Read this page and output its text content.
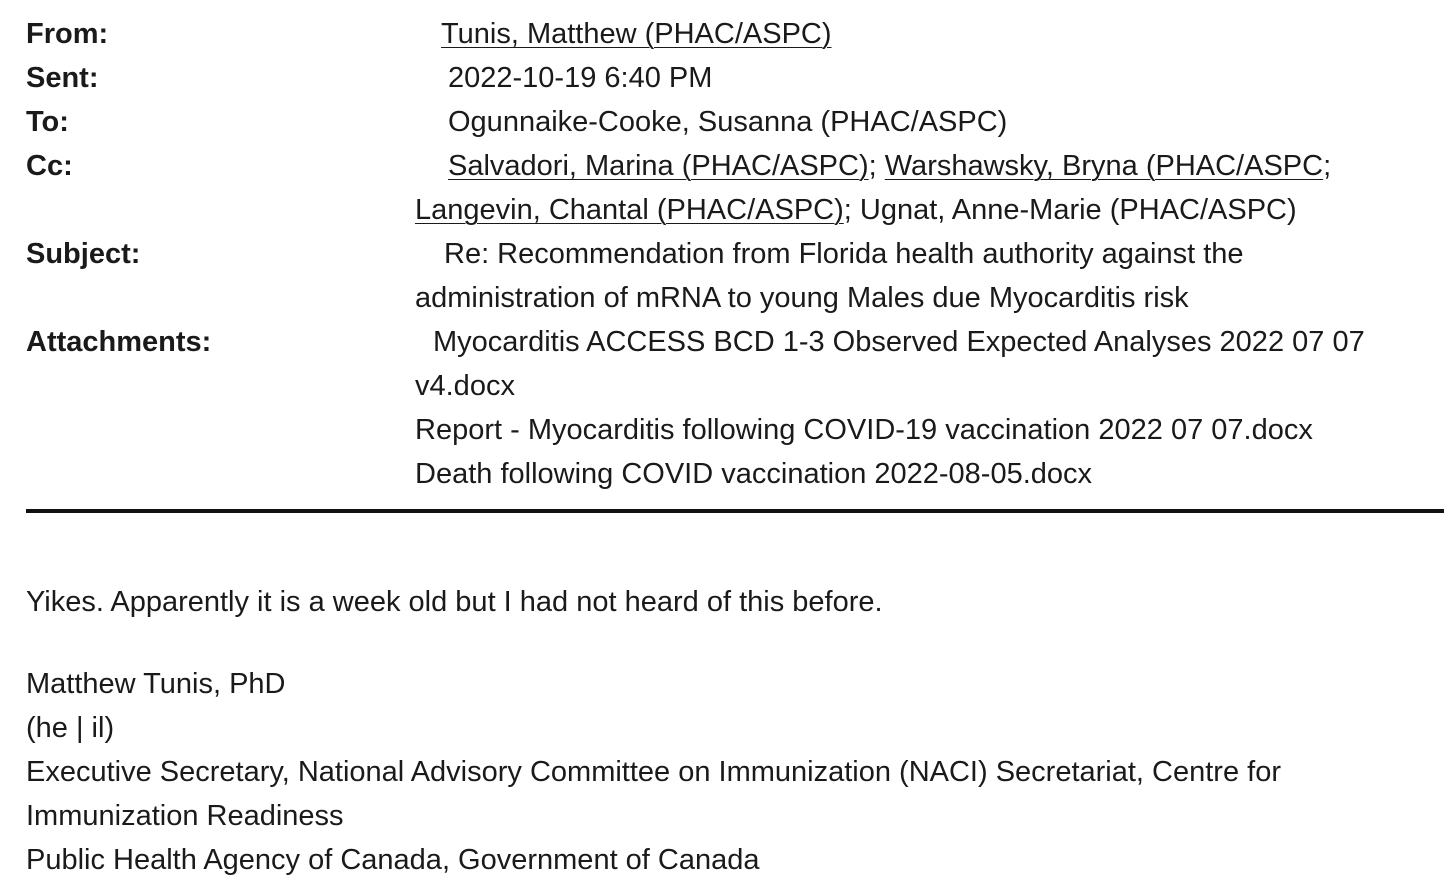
From:	Tunis, Matthew (PHAC/ASPC)
Sent:	2022-10-19 6:40 PM
To:	Ogunnaike-Cooke, Susanna (PHAC/ASPC)
Cc:	Salvadori, Marina (PHAC/ASPC); Warshawsky, Bryna (PHAC/ASPC;
Langevin, Chantal (PHAC/ASPC); Ugnat, Anne-Marie (PHAC/ASPC)
Subject:	Re: Recommendation from Florida health authority against the
administration of mRNA to young Males due Myocarditis risk
Attachments:	Myocarditis ACCESS BCD 1-3 Observed Expected Analyses 2022 07 07
v4.docx
Report - Myocarditis following COVID-19 vaccination 2022 07 07.docx
Death following COVID vaccination 2022-08-05.docx
Yikes. Apparently it is a week old but I had not heard of this before.
Matthew Tunis, PhD
(he | il)
Executive Secretary, National Advisory Committee on Immunization (NACI) Secretariat, Centre for
Immunization Readiness
Public Health Agency of Canada, Government of Canada
